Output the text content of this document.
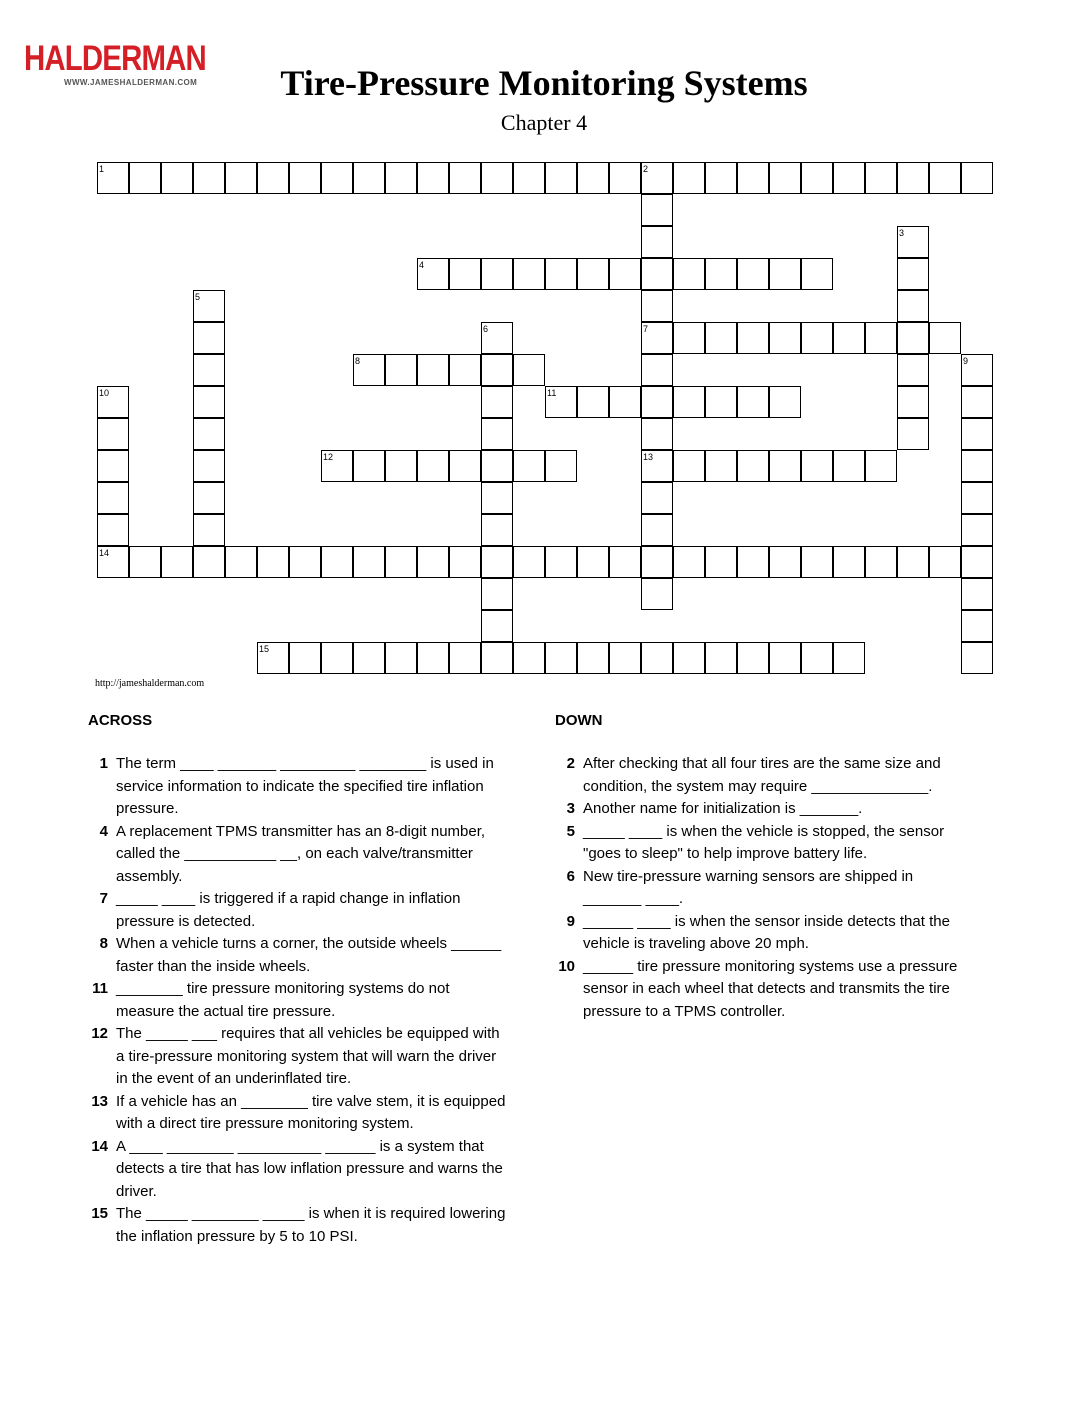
HALDERMAN
WWW.JAMESHALDERMAN.COM	Tire-Pressure Monitoring Systems
Chapter 4
1	2
3
4
5
6	7
8	9
10	11
12	13
14
15
http://jameshalderman.com
ACROSS
1 The term ____ _______ _________ ________ is used in service information to indicate the specified tire inflation pressure.
4 A replacement TPMS transmitter has an 8-digit number, called the ___________ __, on each valve/transmitter assembly.
7 _____ ____ is triggered if a rapid change in inflation pressure is detected.
8 When a vehicle turns a corner, the outside wheels ______ faster than the inside wheels.
11 ________ tire pressure monitoring systems do not measure the actual tire pressure.
12 The _____ ___ requires that all vehicles be equipped with a tire-pressure monitoring system that will warn the driver in the event of an underinflated tire.
13 If a vehicle has an ________ tire valve stem, it is equipped with a direct tire pressure monitoring system.
14 A ____ ________ __________ ______ is a system that detects a tire that has low inflation pressure and warns the driver.
15 The _____ ________ _____ is when it is required lowering the inflation pressure by 5 to 10 PSI.
DOWN
2 After checking that all four tires are the same size and condition, the system may require ______________.
3 Another name for initialization is _______.
5 _____ ____ is when the vehicle is stopped, the sensor "goes to sleep" to help improve battery life.
6 New tire-pressure warning sensors are shipped in _______ ____.
9 ______ ____ is when the sensor inside detects that the vehicle is traveling above 20 mph.
10 ______ tire pressure monitoring systems use a pressure sensor in each wheel that detects and transmits the tire pressure to a TPMS controller.
